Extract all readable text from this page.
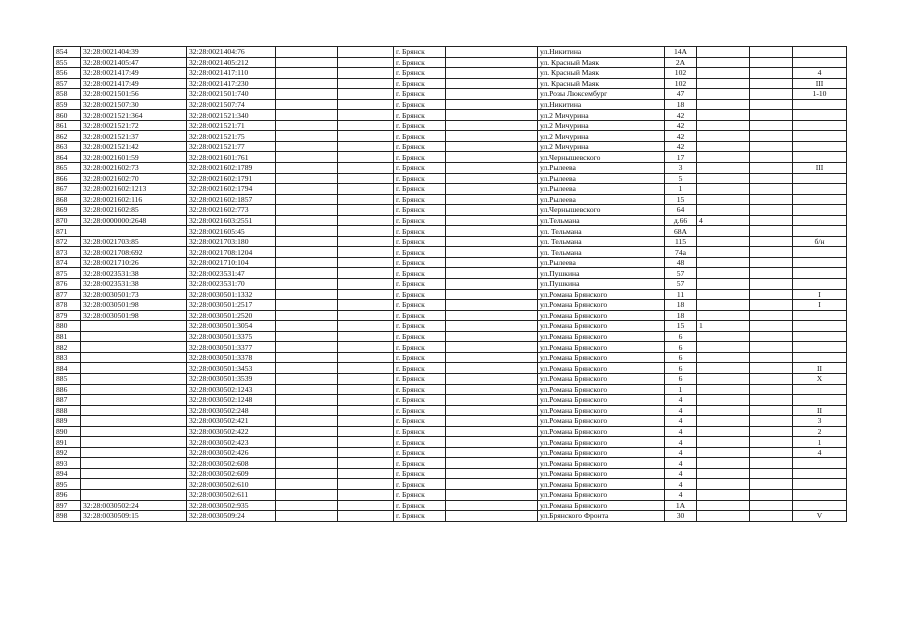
854	32:28:0021404:39	32:28:0021404:76			г. Брянск		ул.Никитина	14А			
855	32:28:0021405:47	32:28:0021405:212			г. Брянск		ул. Красный Маяк	2А			
856	32:28:0021417:49	32:28:0021417:110			г. Брянск		ул. Красный Маяк	102			4
857	32:28:0021417:49	32:28:0021417:230			г. Брянск		ул. Красный Маяк	102			III
858	32:28:0021501:56	32:28:0021501:740			г. Брянск		ул.Розы Люксембург	47			1-10
859	32:28:0021507:30	32:28:0021507:74			г. Брянск		ул.Никитина	18			
860	32:28:0021521:364	32:28:0021521:340			г. Брянск		ул.2 Мичурина	42			
861	32:28:0021521:72	32:28:0021521:71			г. Брянск		ул.2 Мичурина	42			
862	32:28:0021521:37	32:28:0021521:75			г. Брянск		ул.2 Мичурина	42			
863	32:28:0021521:42	32:28:0021521:77			г. Брянск		ул.2 Мичурина	42			
864	32:28:0021601:59	32:28:0021601:761			г. Брянск		ул.Чернышевского	17			
865	32:28:0021602:73	32:28:0021602:1789			г. Брянск		ул.Рылеева	3			III
866	32:28:0021602:70	32:28:0021602:1791			г. Брянск		ул.Рылеева	5			
867	32:28:0021602:1213	32:28:0021602:1794			г. Брянск		ул.Рылеева	1			
868	32:28:0021602:116	32:28:0021602:1857			г. Брянск		ул.Рылеева	15			
869	32:28:0021602:85	32:28:0021602:773			г. Брянск		ул.Чернышевского	64			
870	32:28:0000000:2648	32:28:0021603:2551			г. Брянск		ул.Тельмана	д.66	4		
871		32:28:0021605:45			г. Брянск		ул. Тельмана	68А			
872	32:28:0021703:85	32:28:0021703:180			г. Брянск		ул. Тельмана	115			б/н
873	32:28:0021708:692	32:28:0021708:1204			г. Брянск		ул. Тельмана	74а			
874	32:28:0021710:26	32:28:0021710:104			г. Брянск		ул.Рылеева	48			
875	32:28:0023531:38	32:28:0023531:47			г. Брянск		ул.Пушкина	57			
876	32:28:0023531:38	32:28:0023531:70			г. Брянск		ул.Пушкина	57			
877	32:28:0030501:73	32:28:0030501:1332			г. Брянск		ул.Романа Брянского	11			I
878	32:28:0030501:98	32:28:0030501:2517			г. Брянск		ул.Романа Брянского	18			I
879	32:28:0030501:98	32:28:0030501:2520			г. Брянск		ул.Романа Брянского	18			
880		32:28:0030501:3054			г. Брянск		ул.Романа Брянского	15	1		
881		32:28:0030501:3375			г. Брянск		ул.Романа Брянского	6			
882		32:28:0030501:3377			г. Брянск		ул.Романа Брянского	6			
883		32:28:0030501:3378			г. Брянск		ул.Романа Брянского	6			
884		32:28:0030501:3453			г. Брянск		ул.Романа Брянского	6			II
885		32:28:0030501:3539			г. Брянск		ул.Романа Брянского	6			X
886		32:28:0030502:1243			г. Брянск		ул.Романа Брянского	1			
887		32:28:0030502:1248			г. Брянск		ул.Романа Брянского	4			
888		32:28:0030502:248			г. Брянск		ул.Романа Брянского	4			II
889		32:28:0030502:421			г. Брянск		ул.Романа Брянского	4			3
890		32:28:0030502:422			г. Брянск		ул.Романа Брянского	4			2
891		32:28:0030502:423			г. Брянск		ул.Романа Брянского	4			1
892		32:28:0030502:426			г. Брянск		ул.Романа Брянского	4			4
893		32:28:0030502:608			г. Брянск		ул.Романа Брянского	4			
894		32:28:0030502:609			г. Брянск		ул.Романа Брянского	4			
895		32:28:0030502:610			г. Брянск		ул.Романа Брянского	4			
896		32:28:0030502:611			г. Брянск		ул.Романа Брянского	4			
897	32:28:0030502:24	32:28:0030502:935			г. Брянск		ул.Романа Брянского	1А			
898	32:28:0030509:15	32:28:0030509:24			г. Брянск		ул.Брянского Фронта	30			V
